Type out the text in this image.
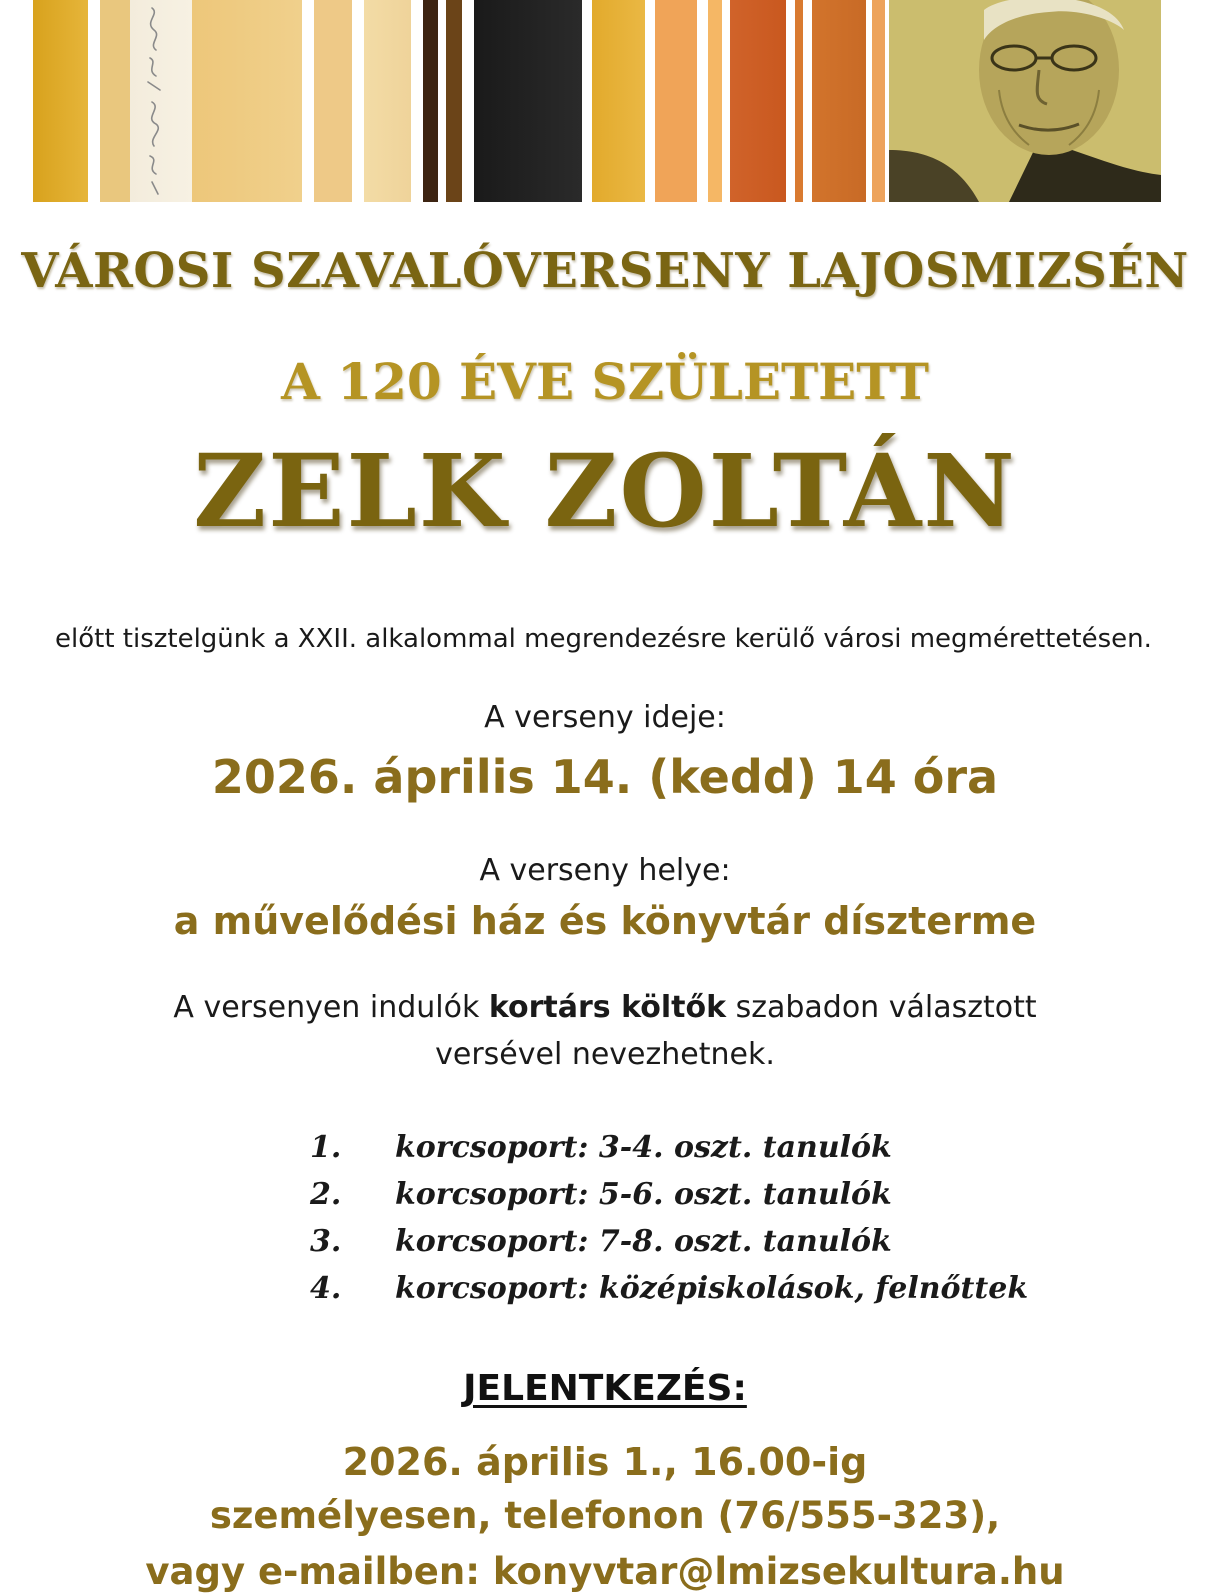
VÁROSI SZAVALÓVERSENY LAJOSMIZSÉN
A 120 ÉVE SZÜLETETT
ZELK ZOLTÁN
előtt tisztelgünk a XXII. alkalommal megrendezésre kerülő városi megmérettetésen.
A verseny ideje:
2026. április 14. (kedd) 14 óra
A verseny helye:
a művelődési ház és könyvtár díszterme
A versenyen indulók kortárs költők szabadon választott
versével nevezhetnek.
1. korcsoport: 3-4. oszt. tanulók
2. korcsoport: 5-6. oszt. tanulók
3. korcsoport: 7-8. oszt. tanulók
4. korcsoport: középiskolások, felnőttek
JELENTKEZÉS:
2026. április 1., 16.00-ig
személyesen, telefonon (76/555-323),
vagy e-mailben: konyvtar@lmizsekultura.hu
